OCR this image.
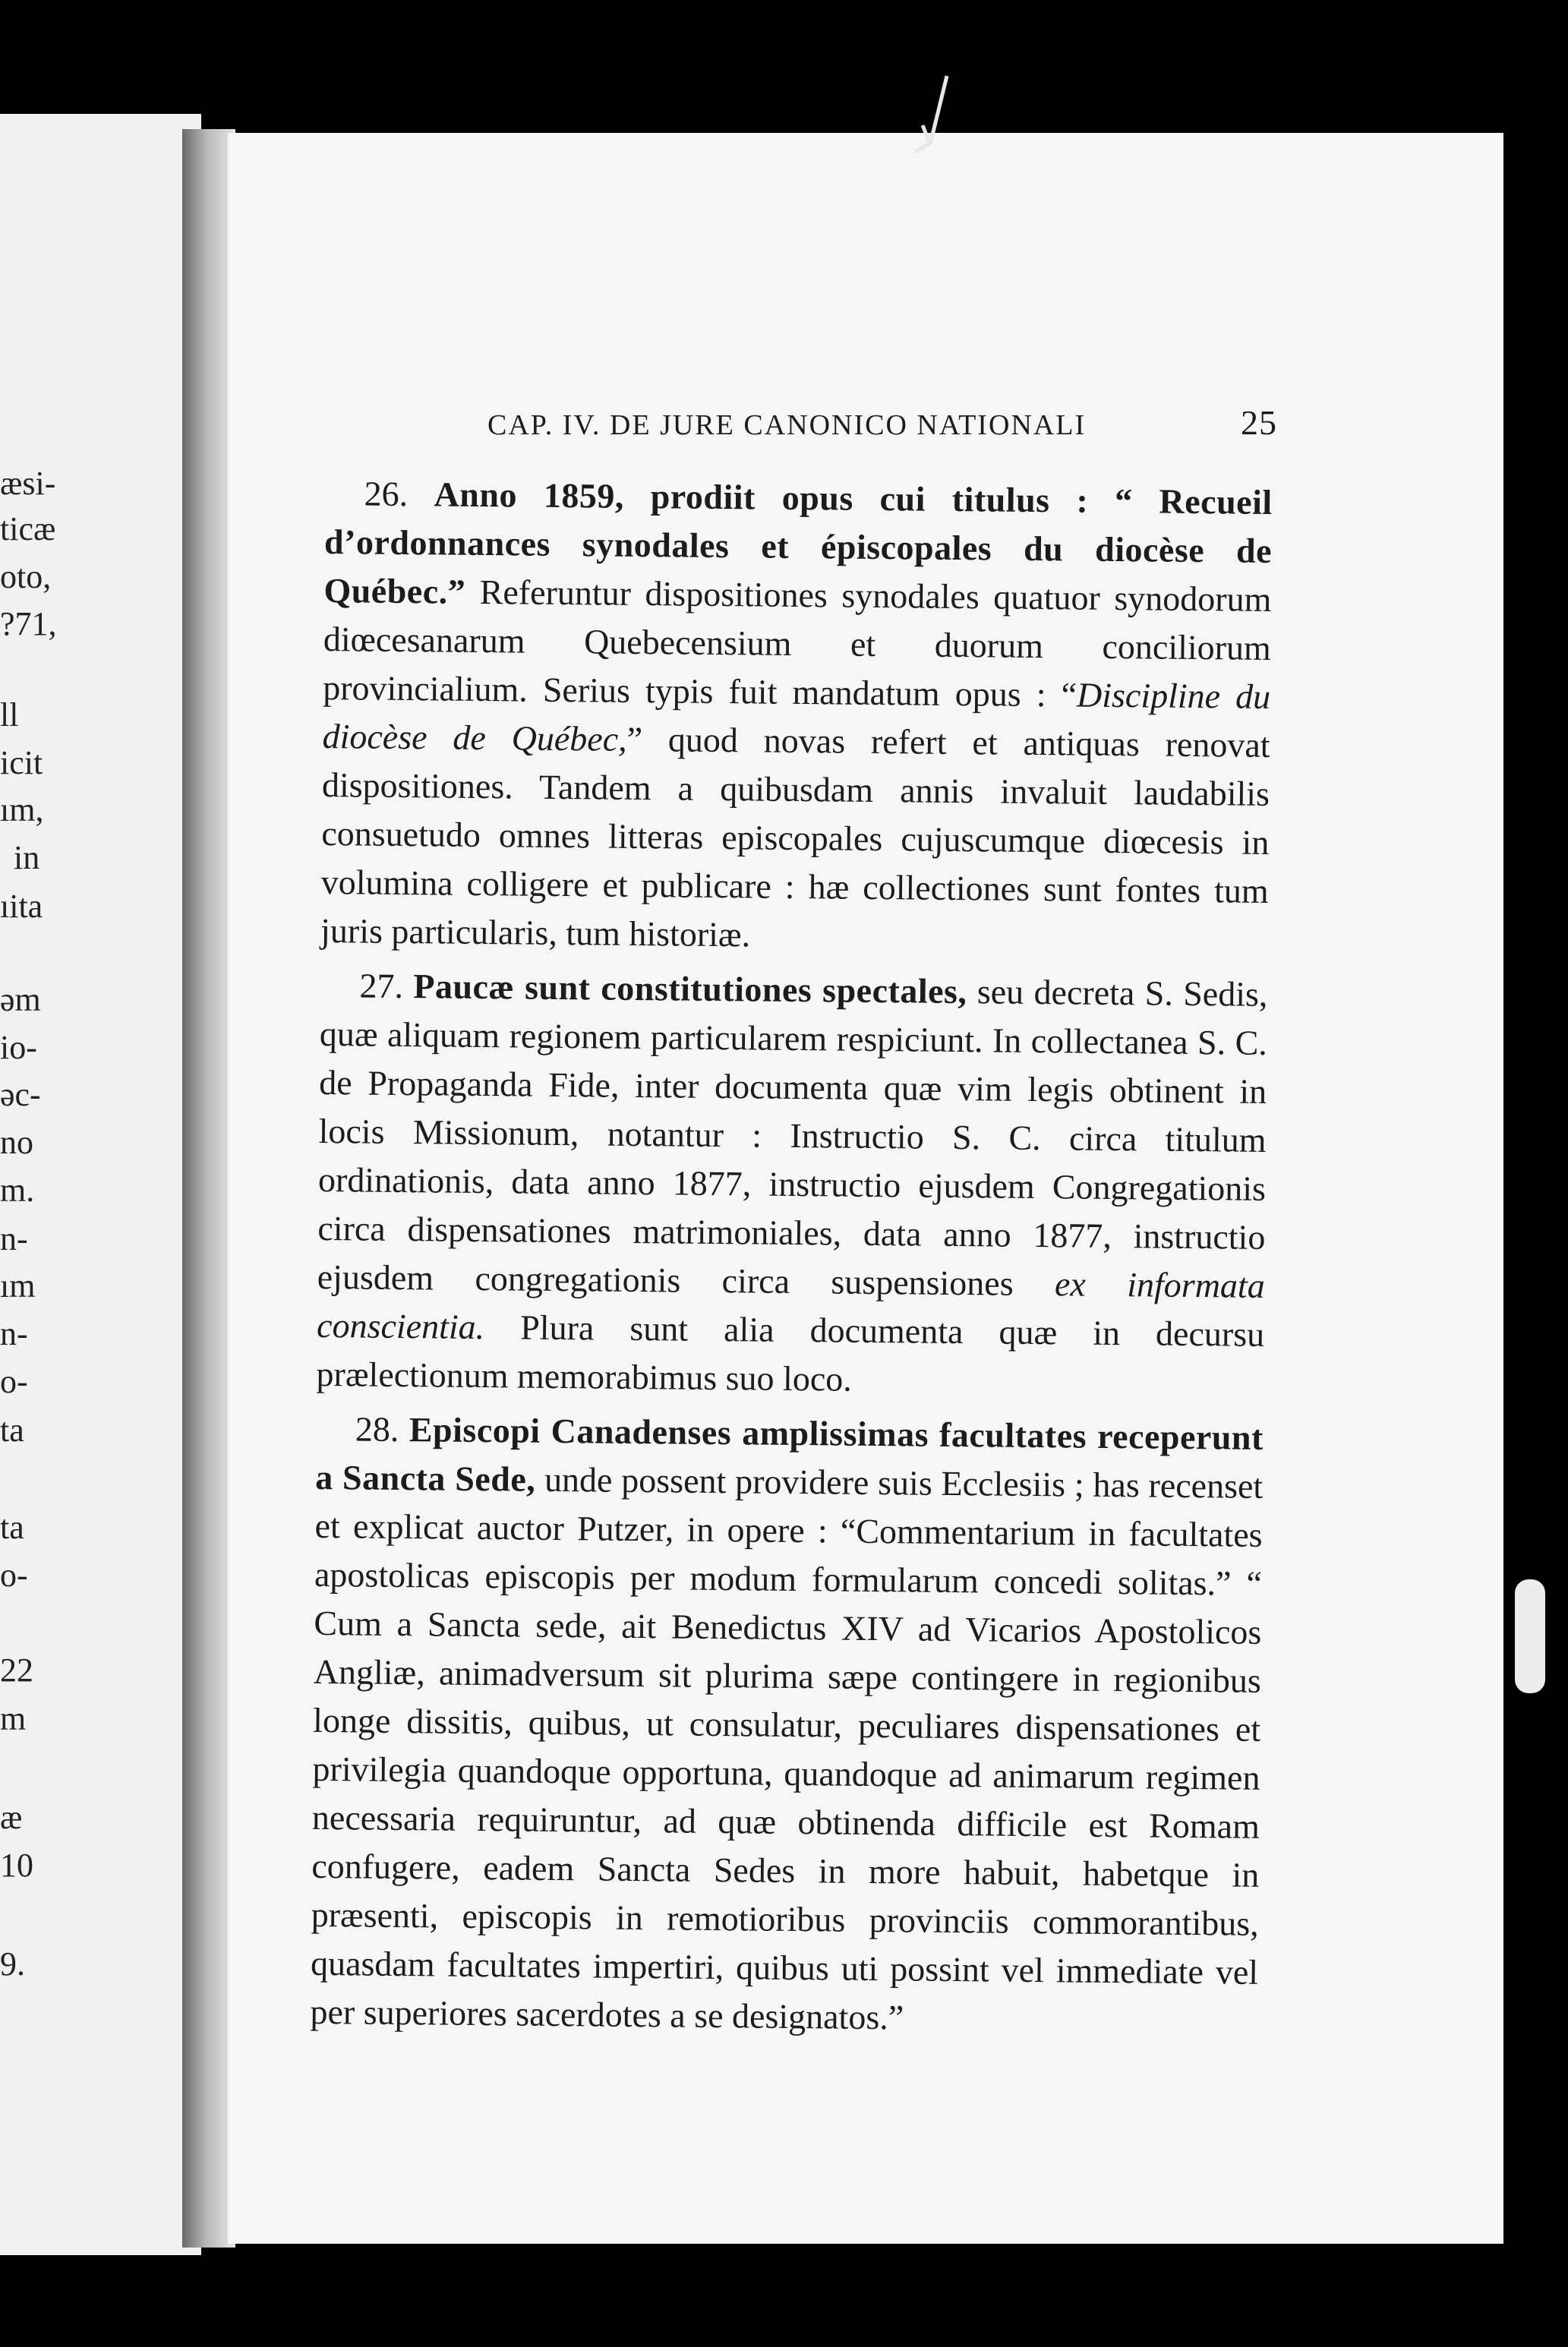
æsi-
ticæ
oto,
?71,
ll
icit
ım,
in
ıita
əm
io-
əc-
no
m.
n-
ım
n-
o-
ta
ta
o-
22
m
æ
10
9.
CAP. IV. DE JURE CANONICO NATIONALI	25

26. Anno 1859, prodiit opus cui titulus : “ Recueil d’ordonnances synodales et épiscopales du diocèse de Québec.” Referuntur dispositiones synodales quatuor synodorum diœcesanarum Quebecensium et duorum conciliorum provincialium. Serius typis fuit mandatum opus : “Discipline du diocèse de Québec,” quod novas refert et antiquas renovat dispositiones. Tandem a quibusdam annis invaluit laudabilis consuetudo omnes litteras episcopales cujuscumque diœcesis in volumina colligere et publicare : hæ collectiones sunt fontes tum juris particularis, tum historiæ.

27. Paucæ sunt constitutiones spectales, seu decreta S. Sedis, quæ aliquam regionem particularem respiciunt. In collectanea S. C. de Propaganda Fide, inter documenta quæ vim legis obtinent in locis Missionum, notantur : Instructio S. C. circa titulum ordinationis, data anno 1877, instructio ejusdem Congregationis circa dispensationes matrimoniales, data anno 1877, instructio ejusdem congregationis circa suspensiones ex informata conscientia. Plura sunt alia documenta quæ in decursu prælectionum memorabimus suo loco.

28. Episcopi Canadenses amplissimas facultates receperunt a Sancta Sede, unde possent providere suis Ecclesiis ; has recenset et explicat auctor Putzer, in opere : “Commentarium in facultates apostolicas episcopis per modum formularum concedi solitas.” “ Cum a Sancta sede, ait Benedictus XIV ad Vicarios Apostolicos Angliæ, animadversum sit plurima sæpe contingere in regionibus longe dissitis, quibus, ut consulatur, peculiares dispensationes et privilegia quandoque opportuna, quandoque ad animarum regimen necessaria requiruntur, ad quæ obtinenda difficile est Romam confugere, eadem Sancta Sedes in more habuit, habetque in præsenti, episcopis in remotioribus provinciis commorantibus, quasdam facultates impertiri, quibus uti possint vel immediate vel per superiores sacerdotes a se designatos.”
